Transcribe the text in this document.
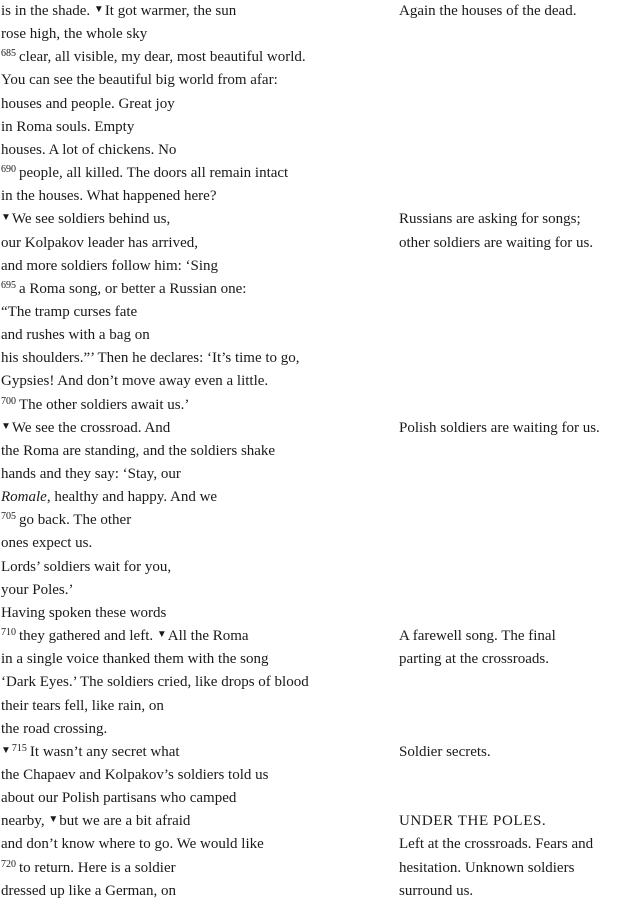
is in the shade. ▼It got warmer, the sun
rose high, the whole sky
$^{685}$ clear, all visible, my dear, most beautiful world.
You can see the beautiful big world from afar:
houses and people. Great joy
in Roma souls. Empty
houses. A lot of chickens. No
$^{690}$ people, all killed. The doors all remain intact
in the houses. What happened here?
▼We see soldiers behind us,
our Kolpakov leader has arrived,
and more soldiers follow him: ‘Sing
$^{695}$ a Roma song, or better a Russian one:
“The tramp curses fate
and rushes with a bag on
his shoulders.”’ Then he declares: ‘It’s time to go,
Gypsies! And don’t move away even a little.
$^{700}$ The other soldiers await us.’
▼We see the crossroad. And
the Roma are standing, and the soldiers shake
hands and they say: ‘Stay, our
Romale, healthy and happy. And we
$^{705}$ go back. The other
ones expect us.
Lords’ soldiers wait for you,
your Poles.’
Having spoken these words
$^{710}$ they gathered and left. ▼All the Roma
in a single voice thanked them with the song
‘Dark Eyes.’ The soldiers cried, like drops of blood
their tears fell, like rain, on
the road crossing.
$^{▼715}$ It wasn’t any secret what
the Chapaev and Kolpakov’s soldiers told us
about our Polish partisans who camped
nearby, ▼but we are a bit afraid
and don’t know where to go. We would like
$^{720}$ to return. Here is a soldier
dressed up like a German, on
Again the houses of the dead.
Russians are asking for songs;
other soldiers are waiting for us.
Polish soldiers are waiting for us.
A farewell song. The final
parting at the crossroads.
Soldier secrets.
UNDER THE POLES.
Left at the crossroads. Fears and
hesitation. Unknown soldiers
surround us.
